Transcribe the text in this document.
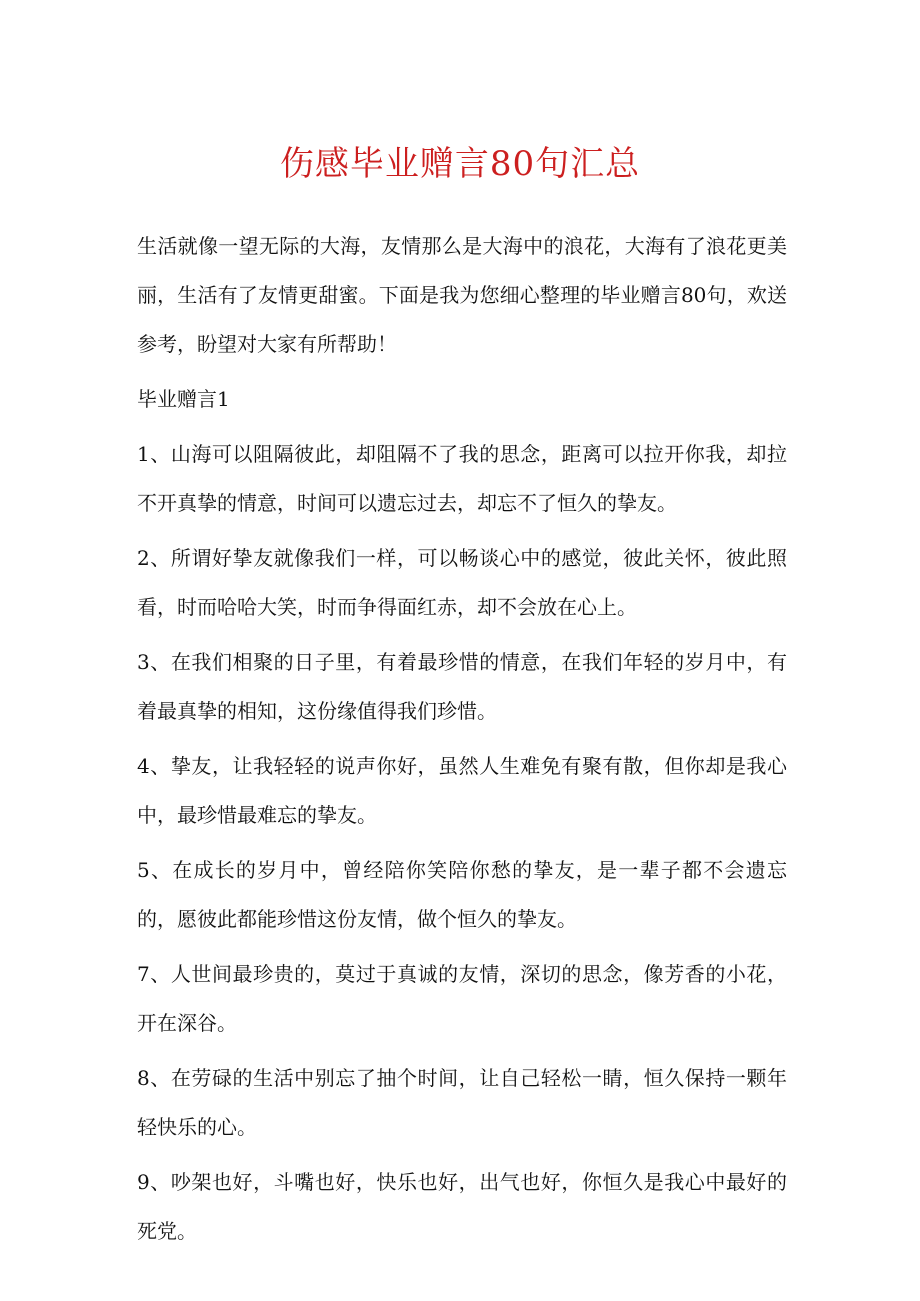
伤感毕业赠言80句汇总

生活就像一望无际的大海，友情那么是大海中的浪花，大海有了浪花更美丽，生活有了友情更甜蜜。下面是我为您细心整理的毕业赠言80句，欢送参考，盼望对大家有所帮助！

毕业赠言1

1、山海可以阻隔彼此，却阻隔不了我的思念，距离可以拉开你我，却拉不开真挚的情意，时间可以遗忘过去，却忘不了恒久的挚友。

2、所谓好挚友就像我们一样，可以畅谈心中的感觉，彼此关怀，彼此照看，时而哈哈大笑，时而争得面红赤，却不会放在心上。

3、在我们相聚的日子里，有着最珍惜的情意，在我们年轻的岁月中，有着最真挚的相知，这份缘值得我们珍惜。

4、挚友，让我轻轻的说声你好，虽然人生难免有聚有散，但你却是我心中，最珍惜最难忘的挚友。

5、在成长的岁月中，曾经陪你笑陪你愁的挚友，是一辈子都不会遗忘的，愿彼此都能珍惜这份友情，做个恒久的挚友。

7、人世间最珍贵的，莫过于真诚的友情，深切的思念，像芳香的小花，开在深谷。

8、在劳碌的生活中别忘了抽个时间，让自己轻松一睛，恒久保持一颗年轻快乐的心。

9、吵架也好，斗嘴也好，快乐也好，出气也好，你恒久是我心中最好的死党。
